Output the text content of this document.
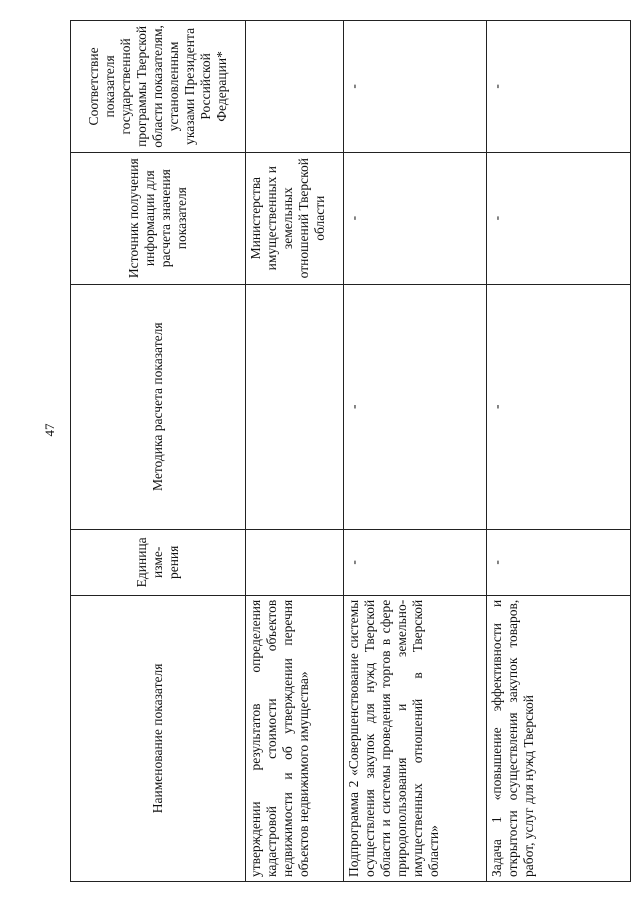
47
Наименование показателя	Единица изме-рения	Методика расчета показателя	Источник получения информации для расчета значения показателя	Соответствие показателя государственной программы Тверской области показателям, установленным указами Президента Российской Федерации*
утверждении результатов определения кадастровой стоимости объектов недвижимости и об утверждении перечня объектов недвижимого имущества»			Министерства имущественных и земельных отношений Тверской области	
Подпрограмма 2 «Совершенствование системы осуществления закупок для нужд Тверской области и системы проведения торгов в сфере природопользования и земельно-имущественных отношений в Тверской области»	-	-	-	-
Задача 1 «повышение эффективности и открытости осуществления закупок товаров, работ, услуг для нужд Тверской	-	-	-	-
